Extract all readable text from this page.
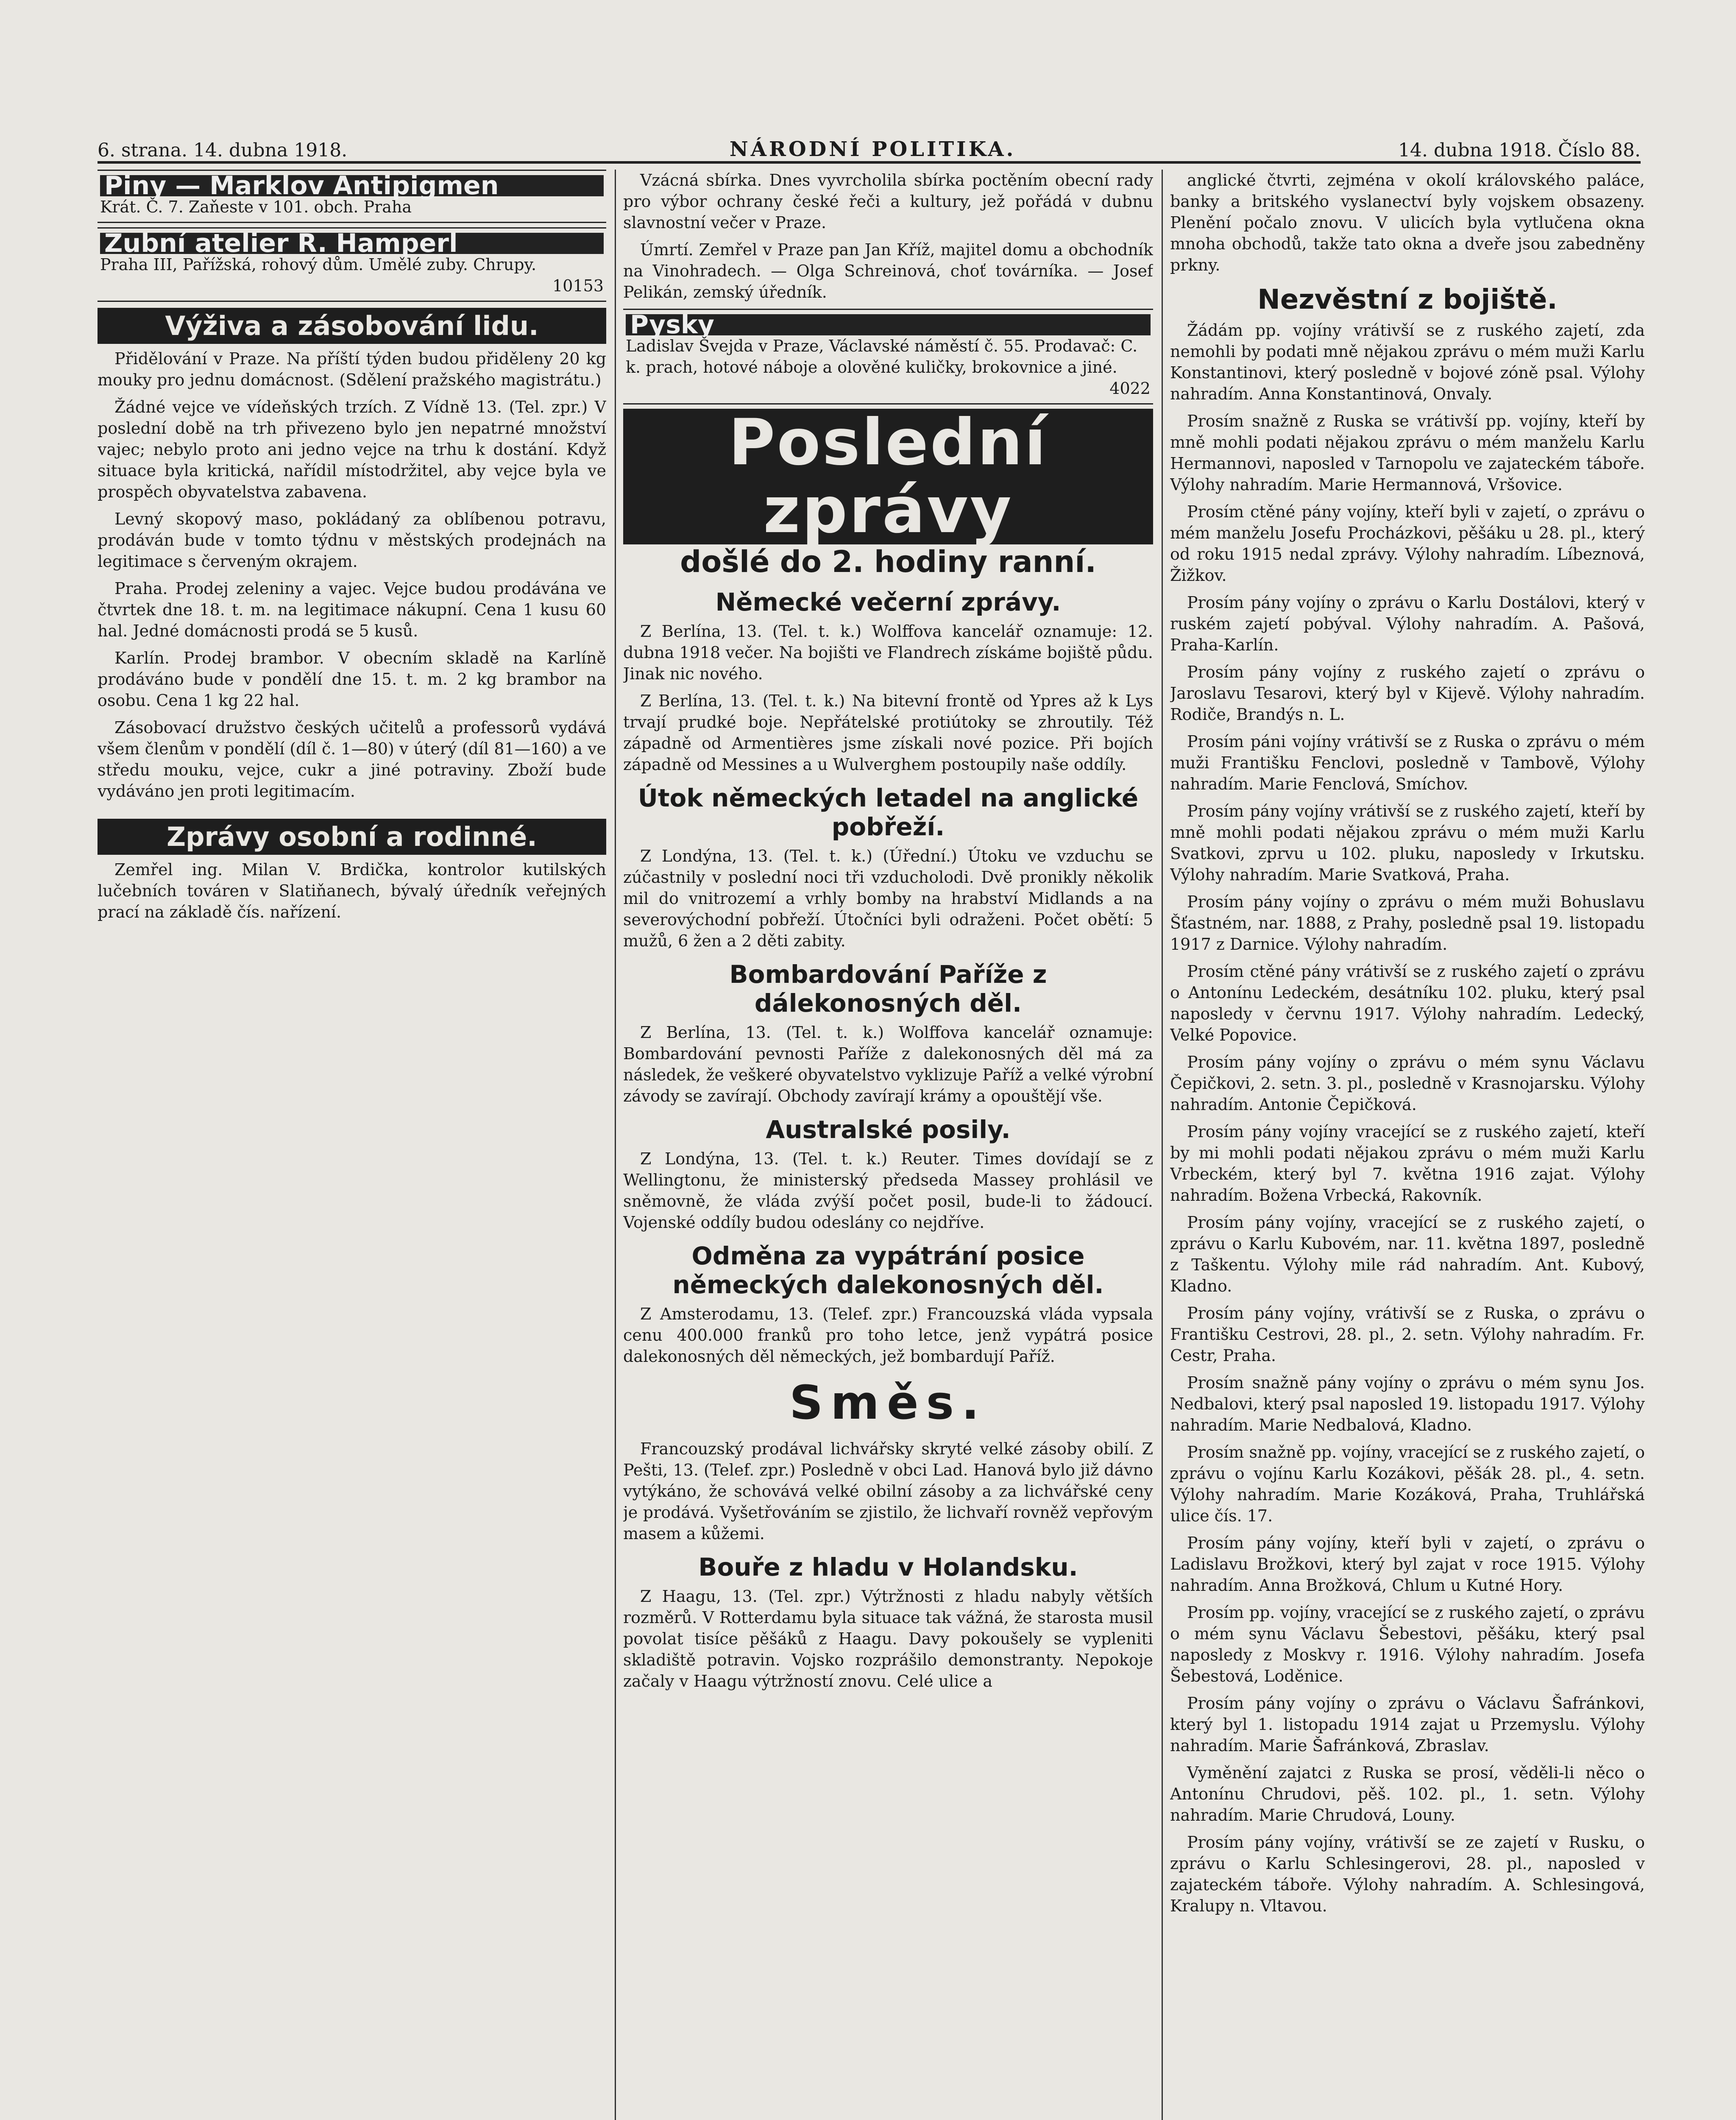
6. strana. 14. dubna 1918.	NÁRODNÍ POLITIKA.	14. dubna 1918. Číslo 88.
Piny — Marklov Antipigmen
Krát. Č. 7. Zaňeste v 101. obch. Praha
Zubní atelier R. Hamperl
Praha III, Pařížská, rohový dům. Umělé zuby. Chrupy.
10153
Výživa a zásobování lidu.

Přidělování v Praze. Na příští týden budou přiděleny 20 kg mouky pro jednu domácnost. (Sdělení pražského magistrátu.)

Žádné vejce ve vídeňských trzích. Z Vídně 13. (Tel. zpr.) V poslední době na trh přivezeno bylo jen nepatrné množství vajec; nebylo proto ani jedno vejce na trhu k dostání. Když situace byla kritická, nařídil místodržitel, aby vejce byla ve prospěch obyvatelstva zabavena.

Levný skopový maso, pokládaný za oblíbenou potravu, prodáván bude v tomto týdnu v městských prodejnách na legitimace s červeným okrajem.

Praha. Prodej zeleniny a vajec. Vejce budou prodávána ve čtvrtek dne 18. t. m. na legitimace nákupní. Cena 1 kusu 60 hal. Jedné domácnosti prodá se 5 kusů.

Karlín. Prodej brambor. V obecním skladě na Karlíně prodáváno bude v pondělí dne 15. t. m. 2 kg brambor na osobu. Cena 1 kg 22 hal.

Zásobovací družstvo českých učitelů a professorů vydává všem členům v pondělí (díl č. 1—80) v úterý (díl 81—160) a ve středu mouku, vejce, cukr a jiné potraviny. Zboží bude vydáváno jen proti legitimacím.

Zprávy osobní a rodinné.

Zemřel ing. Milan V. Brdička, kontrolor kutilských lučebních továren v Slatiňanech, bývalý úředník veřejných prací na základě čís. nařízení.

Vzácná sbírka. Dnes vyvrcholila sbírka poctěním obecní rady pro výbor ochrany české řeči a kultury, jež pořádá v dubnu slavnostní večer v Praze.

Úmrtí. Zemřel v Praze pan Jan Kříž, majitel domu a obchodník na Vinohradech. — Olga Schreinová, choť továrníka. — Josef Pelikán, zemský úředník.

Pysky
Ladislav Švejda v Praze, Václavské náměstí č. 55. Prodavač: C. k. prach, hotové náboje a olověné kuličky, brokovnice a jiné.
4022
Poslední zprávy
došlé do 2. hodiny ranní.
Německé večerní zprávy.

Z Berlína, 13. (Tel. t. k.) Wolffova kancelář oznamuje: 12. dubna 1918 večer. Na bojišti ve Flandrech získáme bojiště půdu. Jinak nic nového.

Z Berlína, 13. (Tel. t. k.) Na bitevní frontě od Ypres až k Lys trvají prudké boje. Nepřátelské protiútoky se zhroutily. Též západně od Armentières jsme získali nové pozice. Při bojích západně od Messines a u Wulverghem postoupily naše oddíly.

Útok německých letadel na anglické pobřeží.

Z Londýna, 13. (Tel. t. k.) (Úřední.) Útoku ve vzduchu se zúčastnily v poslední noci tři vzducholodi. Dvě pronikly několik mil do vnitrozemí a vrhly bomby na hrabství Midlands a na severovýchodní pobřeží. Útočníci byli odraženi. Počet obětí: 5 mužů, 6 žen a 2 děti zabity.

Bombardování Paříže z dálekonosných děl.

Z Berlína, 13. (Tel. t. k.) Wolffova kancelář oznamuje: Bombardování pevnosti Paříže z dalekonosných děl má za následek, že veškeré obyvatelstvo vyklizuje Paříž a velké výrobní závody se zavírají. Obchody zavírají krámy a opouštějí vše.

Australské posily.

Z Londýna, 13. (Tel. t. k.) Reuter. Times dovídají se z Wellingtonu, že ministerský předseda Massey prohlásil ve sněmovně, že vláda zvýší počet posil, bude-li to žádoucí. Vojenské oddíly budou odeslány co nejdříve.

Odměna za vypátrání posice německých dalekonosných děl.

Z Amsterodamu, 13. (Telef. zpr.) Francouzská vláda vypsala cenu 400.000 franků pro toho letce, jenž vypátrá posice dalekonosných děl německých, jež bombardují Paříž.

Směs.

Francouzský prodával lichvářsky skryté velké zásoby obilí. Z Pešti, 13. (Telef. zpr.) Posledně v obci Lad. Hanová bylo již dávno vytýkáno, že schovává velké obilní zásoby a za lichvářské ceny je prodává. Vyšetřováním se zjistilo, že lichvaří rovněž vepřovým masem a kůžemi.

Bouře z hladu v Holandsku.

Z Haagu, 13. (Tel. zpr.) Výtržnosti z hladu nabyly větších rozměrů. V Rotterdamu byla situace tak vážná, že starosta musil povolat tisíce pěšáků z Haagu. Davy pokoušely se vypleniti skladiště potravin. Vojsko rozprášilo demonstranty. Nepokoje začaly v Haagu výtržností znovu. Celé ulice a

anglické čtvrti, zejména v okolí královského paláce, banky a britského vyslanectví byly vojskem obsazeny. Plenění počalo znovu. V ulicích byla vytlučena okna mnoha obchodů, takže tato okna a dveře jsou zabedněny prkny.

Nezvěstní z bojiště.

Žádám pp. vojíny vrátivší se z ruského zajetí, zda nemohli by podati mně nějakou zprávu o mém muži Karlu Konstantinovi, který posledně v bojové zóně psal. Výlohy nahradím. Anna Konstantinová, Onvaly.

Prosím snažně z Ruska se vrátivší pp. vojíny, kteří by mně mohli podati nějakou zprávu o mém manželu Karlu Hermannovi, naposled v Tarnopolu ve zajateckém táboře. Výlohy nahradím. Marie Hermannová, Vršovice.

Prosím ctěné pány vojíny, kteří byli v zajetí, o zprávu o mém manželu Josefu Procházkovi, pěšáku u 28. pl., který od roku 1915 nedal zprávy. Výlohy nahradím. Líbeznová, Žižkov.

Prosím pány vojíny o zprávu o Karlu Dostálovi, který v ruském zajetí pobýval. Výlohy nahradím. A. Pašová, Praha-Karlín.

Prosím pány vojíny z ruského zajetí o zprávu o Jaroslavu Tesarovi, který byl v Kijevě. Výlohy nahradím. Rodiče, Brandýs n. L.

Prosím páni vojíny vrátivší se z Ruska o zprávu o mém muži Františku Fenclovi, posledně v Tambově, Výlohy nahradím. Marie Fenclová, Smíchov.

Prosím pány vojíny vrátivší se z ruského zajetí, kteří by mně mohli podati nějakou zprávu o mém muži Karlu Svatkovi, zprvu u 102. pluku, naposledy v Irkutsku. Výlohy nahradím. Marie Svatková, Praha.

Prosím pány vojíny o zprávu o mém muži Bohuslavu Šťastném, nar. 1888, z Prahy, posledně psal 19. listopadu 1917 z Darnice. Výlohy nahradím.

Prosím ctěné pány vrátivší se z ruského zajetí o zprávu o Antonínu Ledeckém, desátníku 102. pluku, který psal naposledy v červnu 1917. Výlohy nahradím. Ledecký, Velké Popovice.

Prosím pány vojíny o zprávu o mém synu Václavu Čepičkovi, 2. setn. 3. pl., posledně v Krasnojarsku. Výlohy nahradím. Antonie Čepičková.

Prosím pány vojíny vracející se z ruského zajetí, kteří by mi mohli podati nějakou zprávu o mém muži Karlu Vrbeckém, který byl 7. května 1916 zajat. Výlohy nahradím. Božena Vrbecká, Rakovník.

Prosím pány vojíny, vracející se z ruského zajetí, o zprávu o Karlu Kubovém, nar. 11. května 1897, posledně z Taškentu. Výlohy mile rád nahradím. Ant. Kubový, Kladno.

Prosím pány vojíny, vrátivší se z Ruska, o zprávu o Františku Cestrovi, 28. pl., 2. setn. Výlohy nahradím. Fr. Cestr, Praha.

Prosím snažně pány vojíny o zprávu o mém synu Jos. Nedbalovi, který psal naposled 19. listopadu 1917. Výlohy nahradím. Marie Nedbalová, Kladno.

Prosím snažně pp. vojíny, vracející se z ruského zajetí, o zprávu o vojínu Karlu Kozákovi, pěšák 28. pl., 4. setn. Výlohy nahradím. Marie Kozáková, Praha, Truhlářská ulice čís. 17.

Prosím pány vojíny, kteří byli v zajetí, o zprávu o Ladislavu Brožkovi, který byl zajat v roce 1915. Výlohy nahradím. Anna Brožková, Chlum u Kutné Hory.

Prosím pp. vojíny, vracející se z ruského zajetí, o zprávu o mém synu Václavu Šebestovi, pěšáku, který psal naposledy z Moskvy r. 1916. Výlohy nahradím. Josefa Šebestová, Loděnice.

Prosím pány vojíny o zprávu o Václavu Šafránkovi, který byl 1. listopadu 1914 zajat u Przemyslu. Výlohy nahradím. Marie Šafránková, Zbraslav.

Vyměnění zajatci z Ruska se prosí, věděli-li něco o Antonínu Chrudovi, pěš. 102. pl., 1. setn. Výlohy nahradím. Marie Chrudová, Louny.

Prosím pány vojíny, vrátivší se ze zajetí v Rusku, o zprávu o Karlu Schlesingerovi, 28. pl., naposled v zajateckém táboře. Výlohy nahradím. A. Schlesingová, Kralupy n. Vltavou.
